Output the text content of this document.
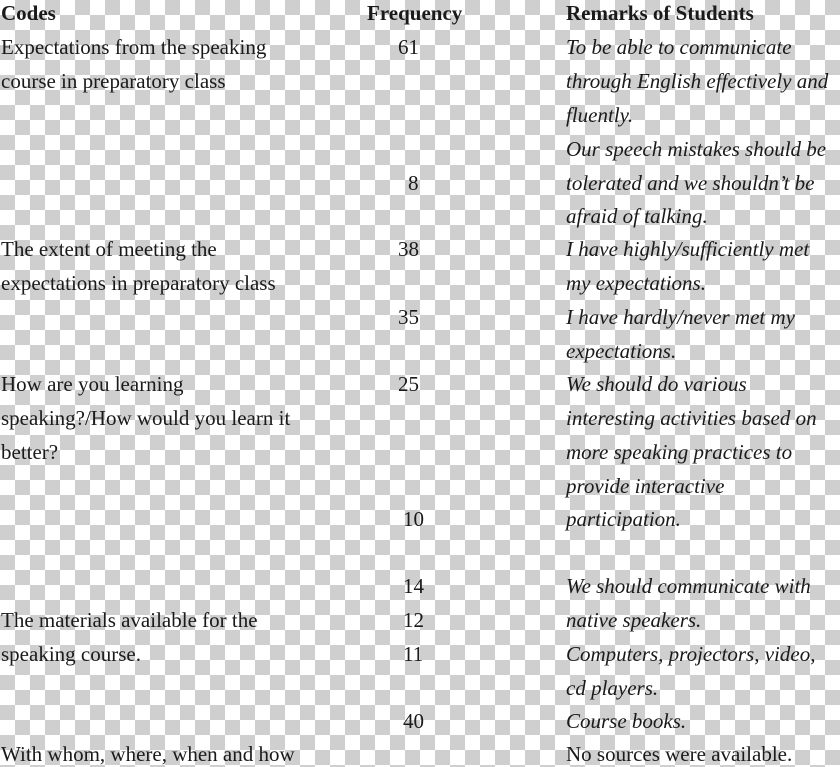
Codes	Frequency	Remarks of Students
Expectations from the speaking
course in preparatory class
The extent of meeting the
expectations in preparatory class
How are you learning
speaking?/How would you learn it
better?
The materials available for the
speaking course.
With whom, where, when and how
61
8
38
35
25
10
14
12
11
40
To be able to communicate
through English effectively and
fluently.
Our speech mistakes should be
tolerated and we shouldn’t be
afraid of talking.
I have highly/sufficiently met
my expectations.
I have hardly/never met my
expectations.
We should do various
interesting activities based on
more speaking practices to
provide interactive
participation.
We should communicate with
native speakers.
Computers, projectors, video,
cd players.
Course books.
No sources were available.
